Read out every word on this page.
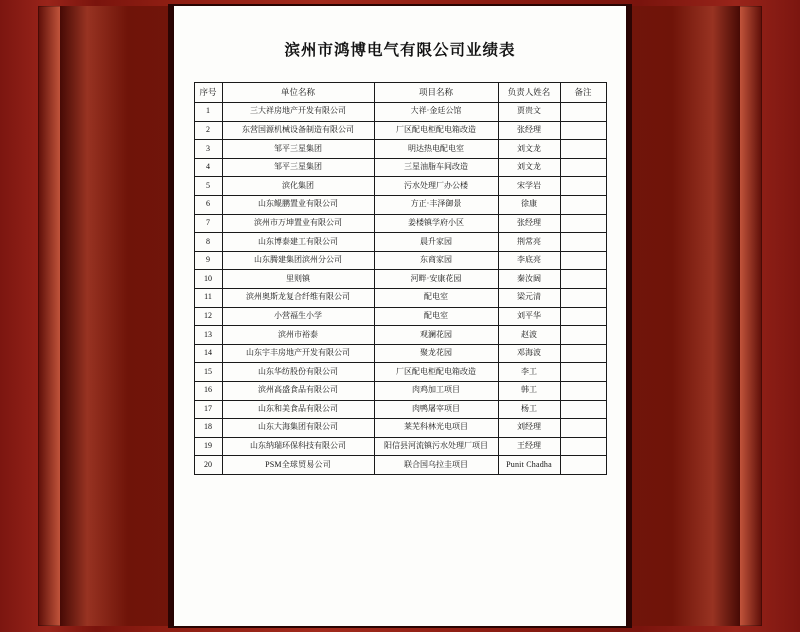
滨州市鸿博电气有限公司业绩表
序号	单位名称	项目名称	负责人姓名	备注
1	三大祥房地产开发有限公司	大祥·金廷公馆	贾贵文	
2	东营国源机械设备制造有限公司	厂区配电柜配电箱改造	张经理	
3	邹平三星集团	明达热电配电室	刘文龙	
4	邹平三星集团	三星油脂车间改造	刘文龙	
5	滨化集团	污水处理厂办公楼	宋学岩	
6	山东鲲鹏置业有限公司	方正·丰泽御景	徐康	
7	滨州市万坤置业有限公司	姜楼镇学府小区	张经理	
8	山东博泰建工有限公司	晨升家园	荆常亮	
9	山东腾建集团滨州分公司	东商家园	李底亮	
10	里则镇	河畔·安康花园	秦汝阔	
11	滨州奥斯龙复合纤维有限公司	配电室	梁元清	
12	小营福生小学	配电室	刘平华	
13	滨州市裕泰	观澜花园	赵波	
14	山东宇丰房地产开发有限公司	聚龙花园	邓海波	
15	山东华纺股份有限公司	厂区配电柜配电箱改造	李工	
16	滨州高盛食品有限公司	肉鸡加工项目	韩工	
17	山东和美食品有限公司	肉鸭屠宰项目	杨工	
18	山东大海集团有限公司	莱芜科林光电项目	刘经理	
19	山东纳瑞环保科技有限公司	阳信县河流镇污水处理厂项目	王经理	
20	PSM全球贸易公司	联合国乌拉圭项目	Punit Chadha	
